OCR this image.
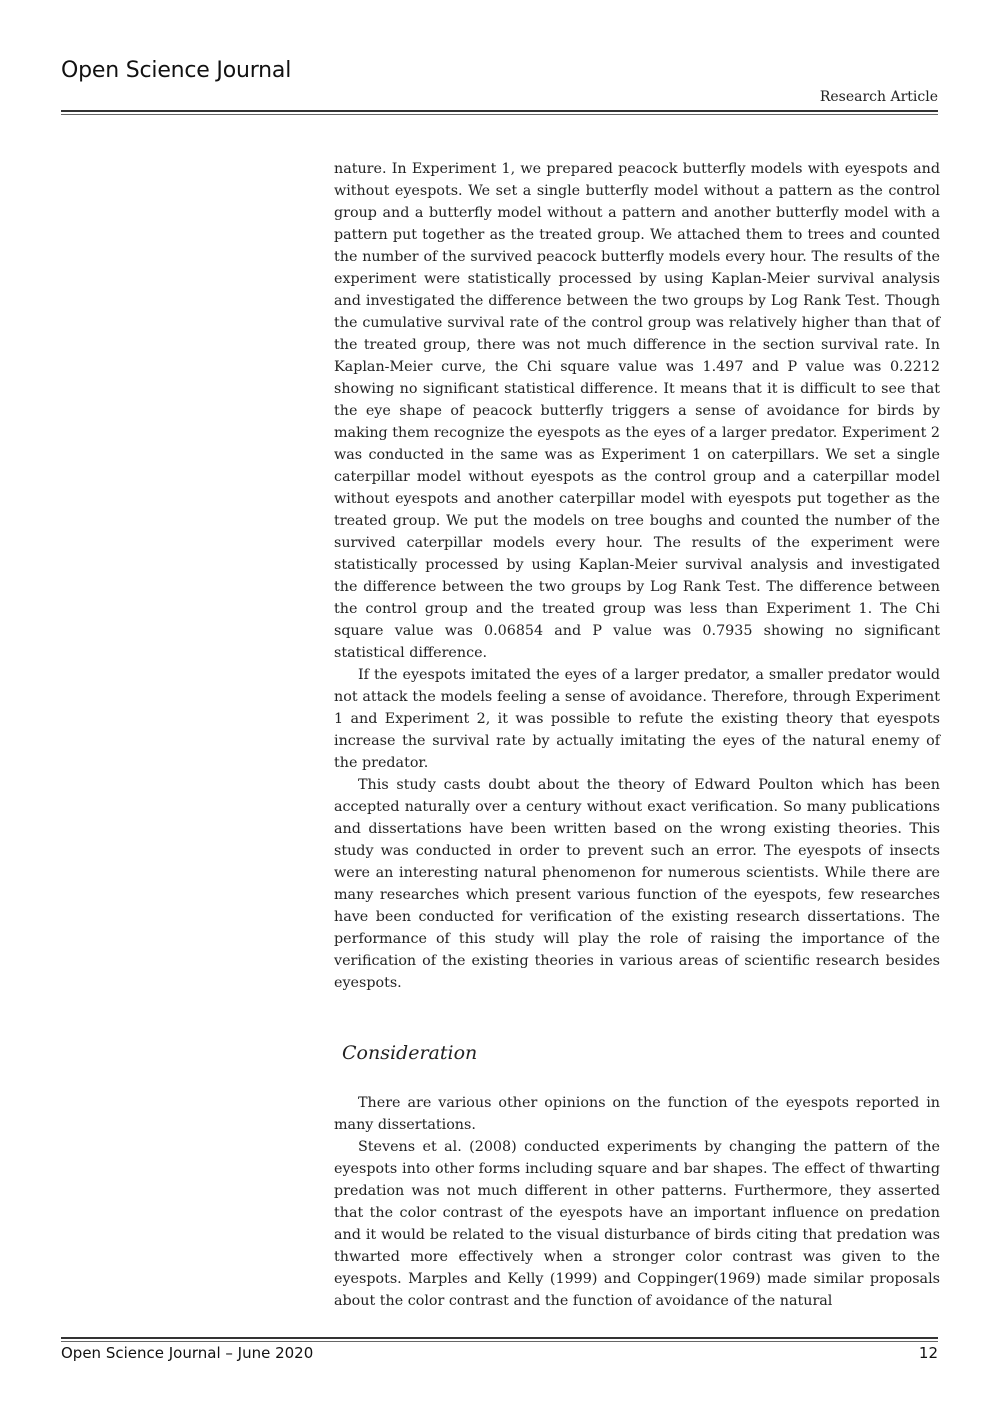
Open Science Journal
Research Article

nature. In Experiment 1, we prepared peacock butterfly models with eyespots and without eyespots. We set a single butterfly model without a pattern as the control group and a butterfly model without a pattern and another butterfly model with a pattern put together as the treated group. We attached them to trees and counted the number of the survived peacock butterfly models every hour. The results of the experiment were statistically processed by using Kaplan-Meier survival analysis and investigated the difference between the two groups by Log Rank Test. Though the cumulative survival rate of the control group was relatively higher than that of the treated group, there was not much difference in the section survival rate. In Kaplan-Meier curve, the Chi square value was 1.497 and P value was 0.2212 showing no significant statistical difference. It means that it is difficult to see that the eye shape of peacock butterfly triggers a sense of avoidance for birds by making them recognize the eyespots as the eyes of a larger predator. Experiment 2 was conducted in the same was as Experiment 1 on caterpillars. We set a single caterpillar model without eyespots as the control group and a caterpillar model without eyespots and another caterpillar model with eyespots put together as the treated group. We put the models on tree boughs and counted the number of the survived caterpillar models every hour. The results of the experiment were statistically processed by using Kaplan-Meier survival analysis and investigated the difference between the two groups by Log Rank Test. The difference between the control group and the treated group was less than Experiment 1. The Chi square value was 0.06854 and P value was 0.7935 showing no significant statistical difference.

If the eyespots imitated the eyes of a larger predator, a smaller predator would not attack the models feeling a sense of avoidance. Therefore, through Experiment 1 and Experiment 2, it was possible to refute the existing theory that eyespots increase the survival rate by actually imitating the eyes of the natural enemy of the predator.

This study casts doubt about the theory of Edward Poulton which has been accepted naturally over a century without exact verification. So many publications and dissertations have been written based on the wrong existing theories. This study was conducted in order to prevent such an error. The eyespots of insects were an interesting natural phenomenon for numerous scientists. While there are many researches which present various function of the eyespots, few researches have been conducted for verification of the existing research dissertations. The performance of this study will play the role of raising the importance of the verification of the existing theories in various areas of scientific research besides eyespots.

Consideration

There are various other opinions on the function of the eyespots reported in many dissertations.

Stevens et al. (2008) conducted experiments by changing the pattern of the eyespots into other forms including square and bar shapes. The effect of thwarting predation was not much different in other patterns. Furthermore, they asserted that the color contrast of the eyespots have an important influence on predation and it would be related to the visual disturbance of birds citing that predation was thwarted more effectively when a stronger color contrast was given to the eyespots. Marples and Kelly (1999) and Coppinger(1969) made similar proposals about the color contrast and the function of avoidance of the natural

Open Science Journal – June 2020	12
